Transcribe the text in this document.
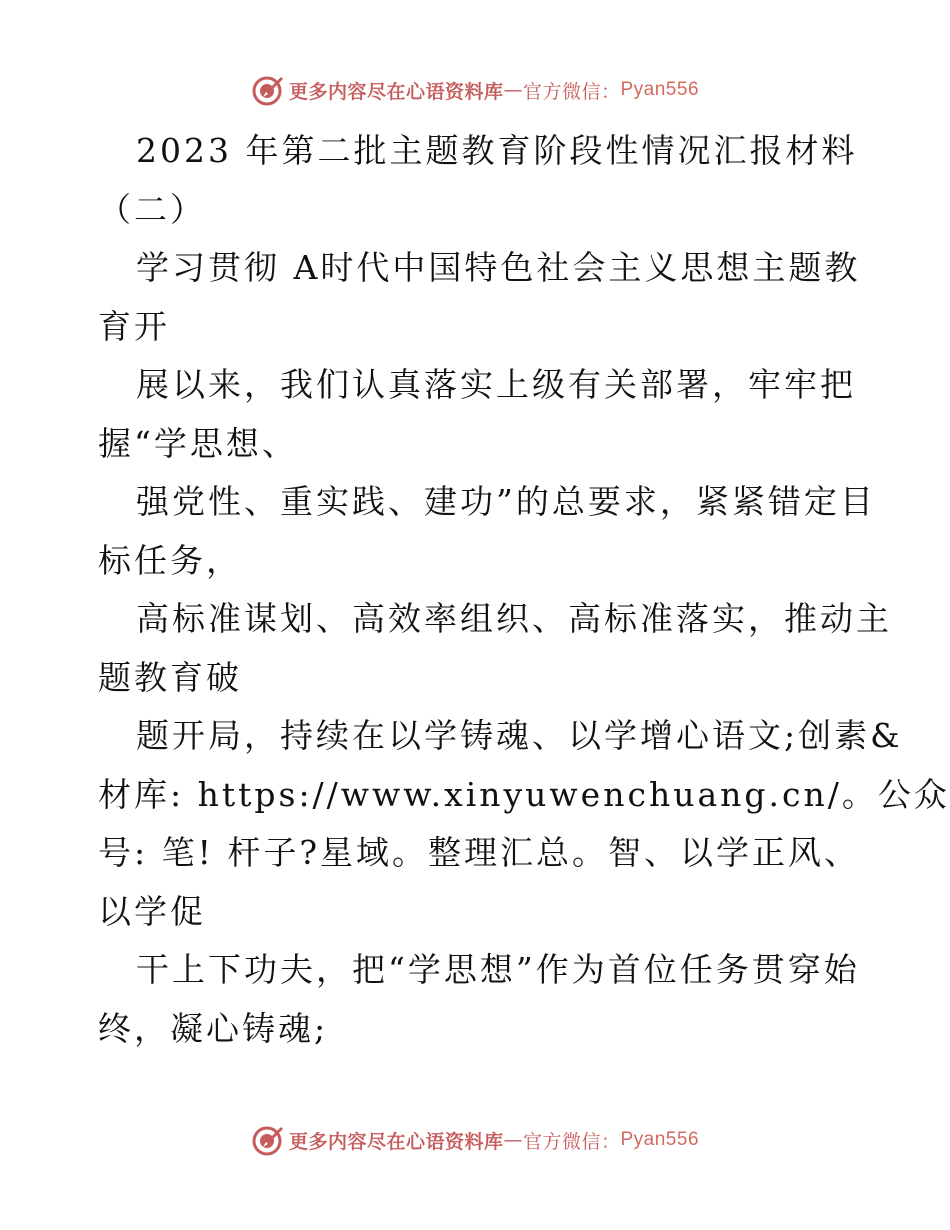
更多内容尽在心语资料库 — 官方微信： Pyan556
2023 年第二批主题教育阶段性情况汇报材料
（二）
学习贯彻 A时代中国特色社会主义思想主题教
育开
展以来，我们认真落实上级有关部署，牢牢把
握“学思想、
强党性、重实践、建功”的总要求，紧紧错定目
标任务，
高标准谋划、高效率组织、高标准落实，推动主
题教育破
题开局，持续在以学铸魂、以学增心语文;创素&
材库: https://www.xinyuwenchuang.cn/。公众
号: 笔! 杆子?星域。整理汇总。智、以学正风、
以学促
干上下功夫，把“学思想”作为首位任务贯穿始
终，凝心铸魂;
更多内容尽在心语资料库 — 官方微信： Pyan556
